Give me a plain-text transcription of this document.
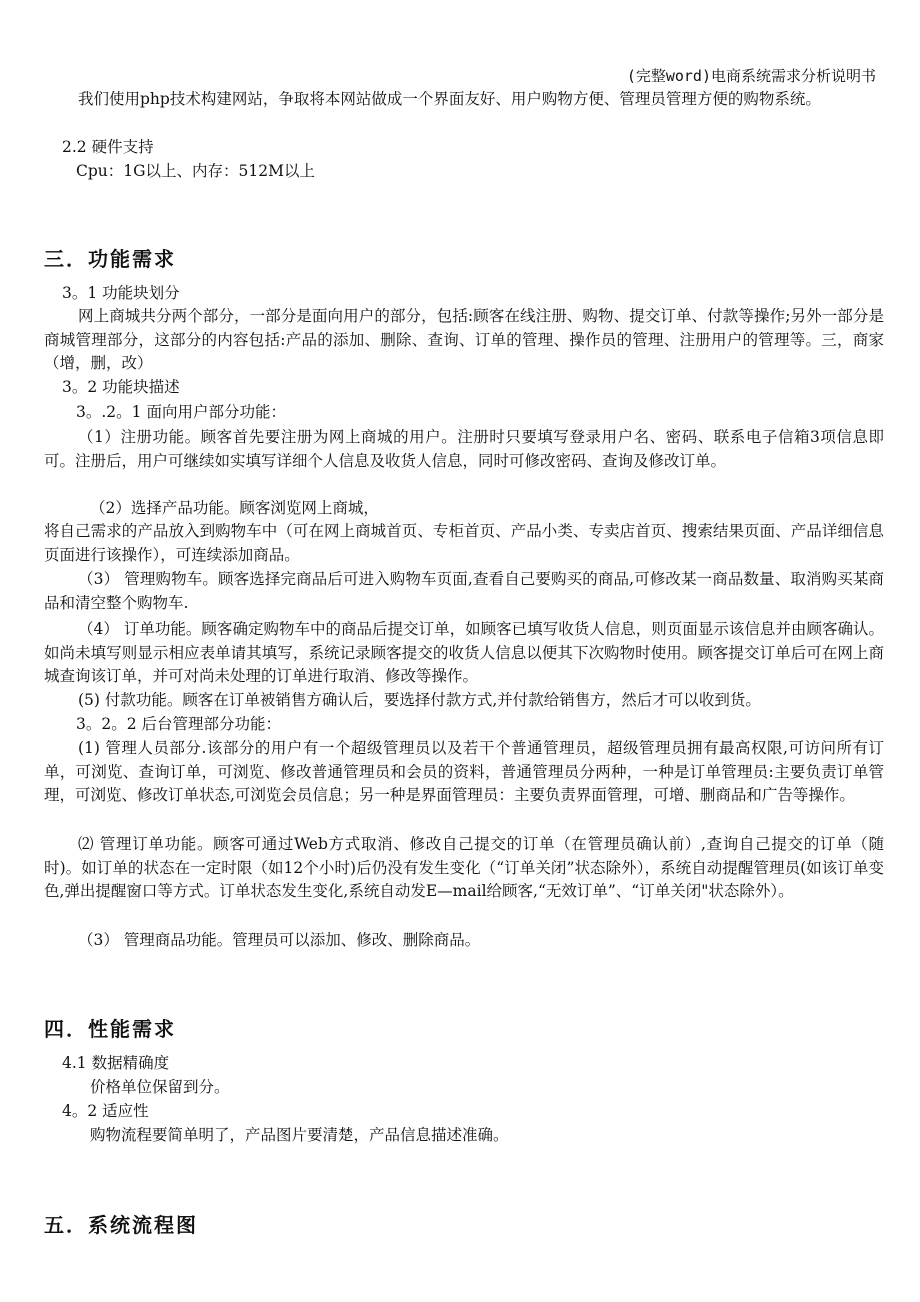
(完整word)电商系统需求分析说明书

我们使用php技术构建网站，争取将本网站做成一个界面友好、用户购物方便、管理员管理方便的购物系统。

2.2 硬件支持

Cpu：1G以上、内存：512M以上

三．功能需求

3。1 功能块划分

网上商城共分两个部分，一部分是面向用户的部分，包括:顾客在线注册、购物、提交订单、付款等操作;另外一部分是商城管理部分，这部分的内容包括:产品的添加、删除、查询、订单的管理、操作员的管理、注册用户的管理等。三，商家（增，删，改）

3。2 功能块描述

3。.2。1 面向用户部分功能：

（1）注册功能。顾客首先要注册为网上商城的用户。注册时只要填写登录用户名、密码、联系电子信箱3项信息即可。注册后，用户可继续如实填写详细个人信息及收货人信息，同时可修改密码、查询及修改订单。

（2）选择产品功能。顾客浏览网上商城，

将自己需求的产品放入到购物车中（可在网上商城首页、专柜首页、产品小类、专卖店首页、搜索结果页面、产品详细信息页面进行该操作），可连续添加商品。

（3） 管理购物车。顾客选择完商品后可进入购物车页面,查看自己要购买的商品,可修改某一商品数量、取消购买某商品和清空整个购物车.

（4） 订单功能。顾客确定购物车中的商品后提交订单，如顾客已填写收货人信息，则页面显示该信息并由顾客确认。如尚未填写则显示相应表单请其填写，系统记录顾客提交的收货人信息以便其下次购物时使用。顾客提交订单后可在网上商城查询该订单，并可对尚未处理的订单进行取消、修改等操作。

(5) 付款功能。顾客在订单被销售方确认后，要选择付款方式,并付款给销售方，然后才可以收到货。

3。2。2 后台管理部分功能：

(1) 管理人员部分.该部分的用户有一个超级管理员以及若干个普通管理员，超级管理员拥有最高权限,可访问所有订单，可浏览、查询订单，可浏览、修改普通管理员和会员的资料，普通管理员分两种，一种是订单管理员:主要负责订单管理，可浏览、修改订单状态,可浏览会员信息；另一种是界面管理员：主要负责界面管理，可增、删商品和广告等操作。

⑵ 管理订单功能。顾客可通过Web方式取消、修改自己提交的订单（在管理员确认前）,查询自己提交的订单（随时)。如订单的状态在一定时限（如12个小时)后仍没有发生变化（“订单关闭”状态除外），系统自动提醒管理员(如该订单变色,弹出提醒窗口等方式。订单状态发生变化,系统自动发E—mail给顾客,“无效订单”、“订单关闭"状态除外）。

（3） 管理商品功能。管理员可以添加、修改、删除商品。

四．性能需求

4.1 数据精确度

价格单位保留到分。

4。2 适应性

购物流程要简单明了，产品图片要清楚，产品信息描述准确。

五．系统流程图
